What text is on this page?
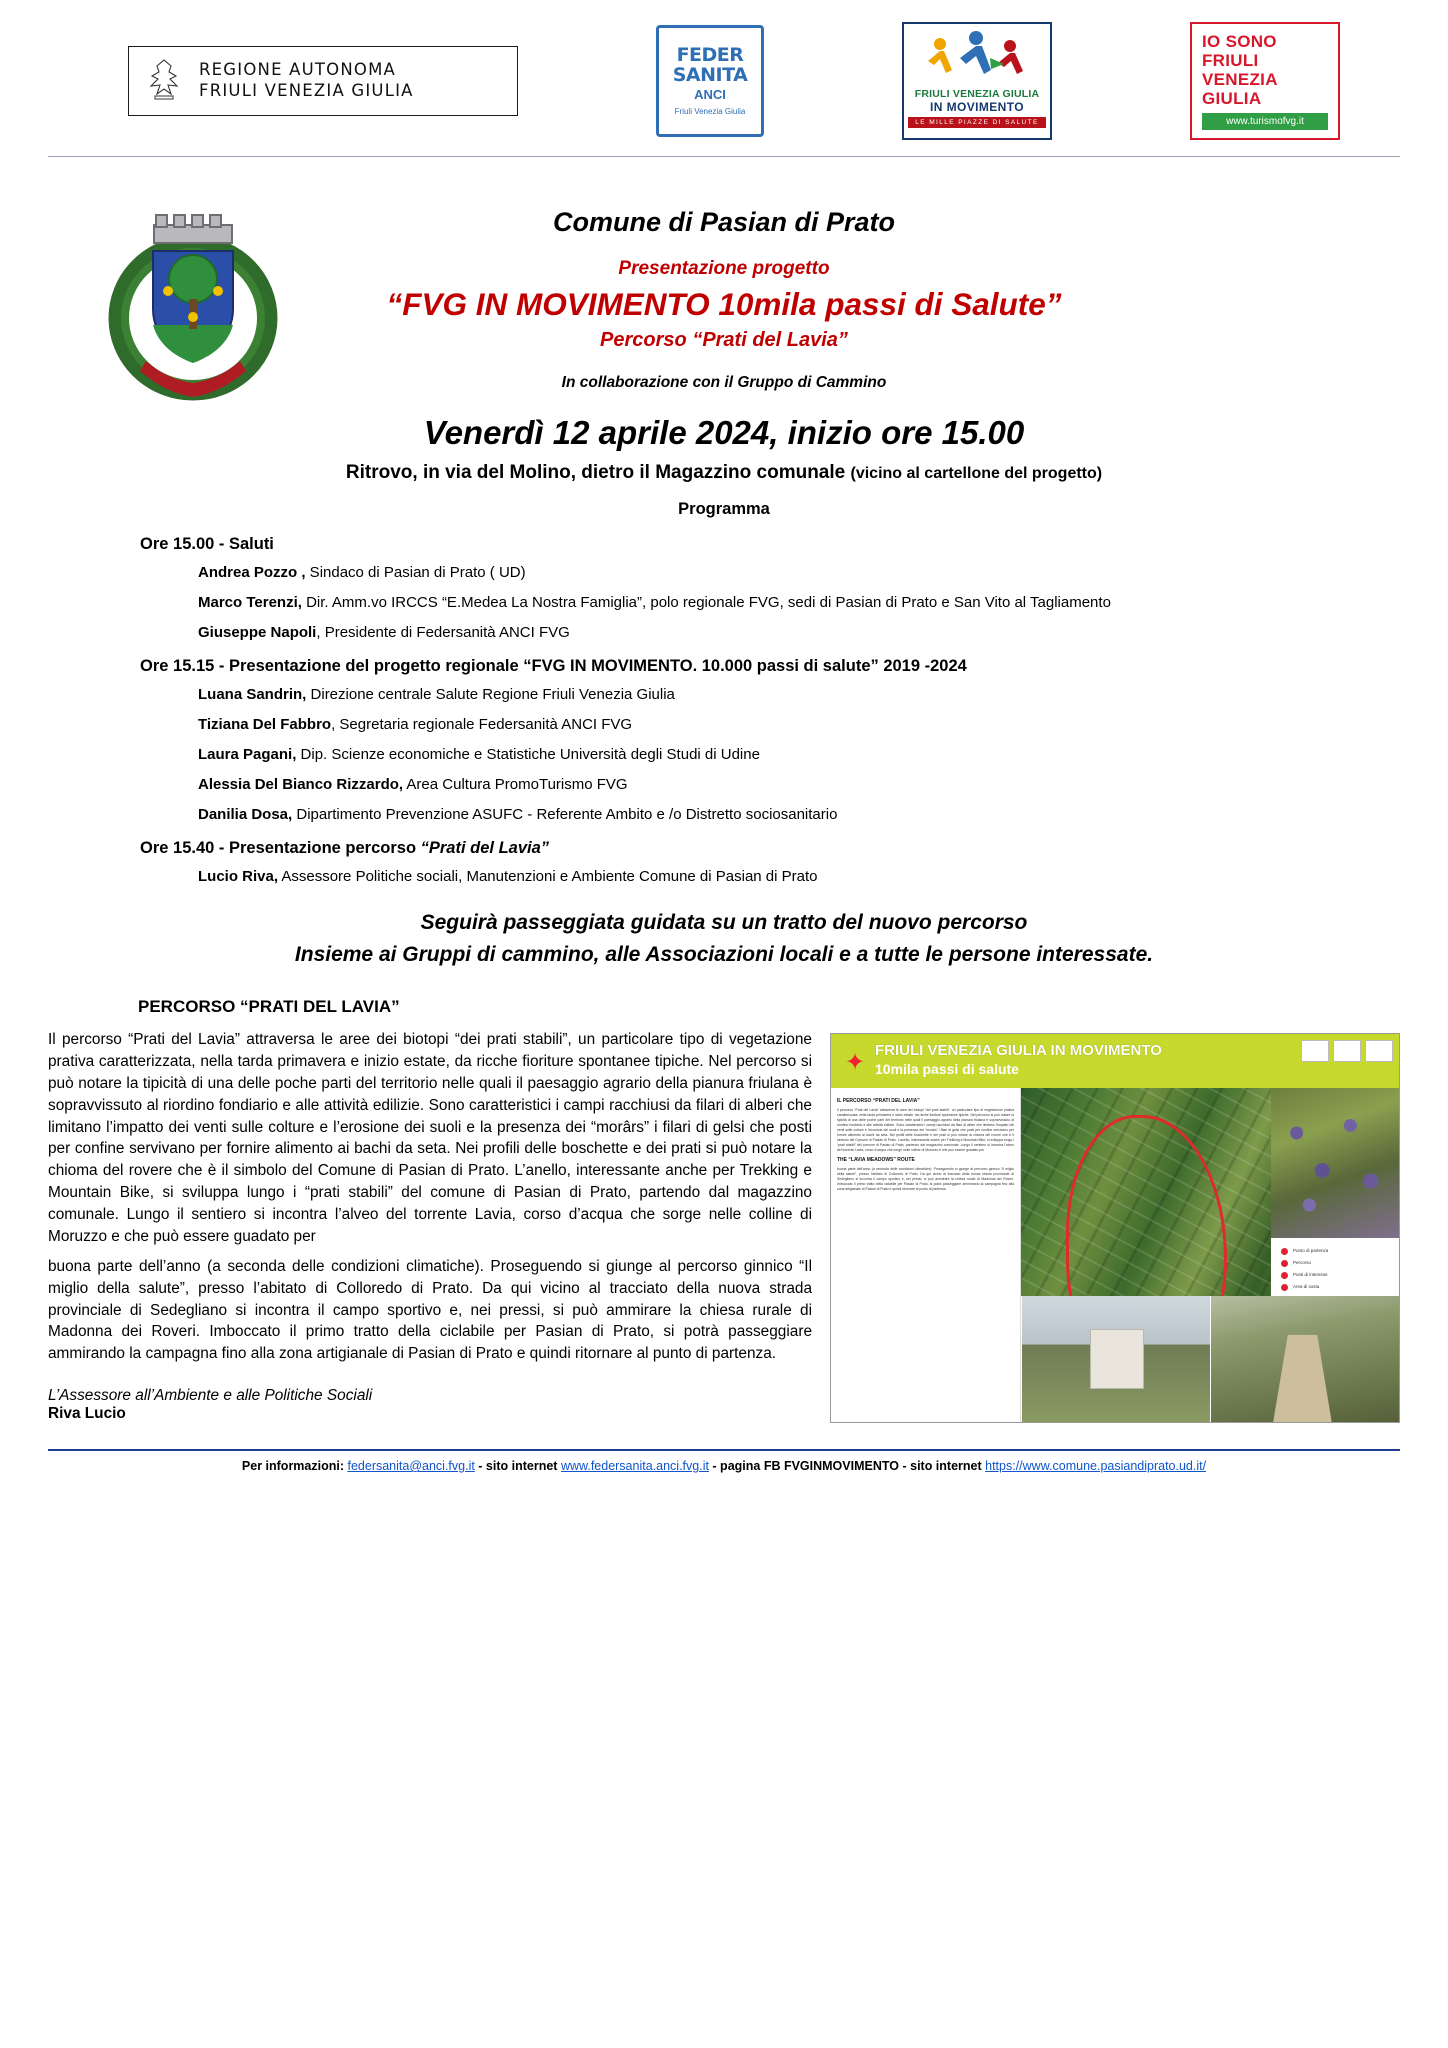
REGIONE AUTONOMA
FRIULI VENEZIA GIULIA
FEDER
SANITA
ANCI
Friuli Venezia Giulia
FRIULI VENEZIA GIULIA
IN MOVIMENTO
LE MILLE PIAZZE DI SALUTE
IO SONO
FRIULI
VENEZIA
GIULIA
www.turismofvg.it
Comune di Pasian di Prato
Presentazione progetto
“FVG IN MOVIMENTO 10mila passi di Salute”
Percorso “Prati del Lavia”
In collaborazione con il Gruppo di Cammino
Venerdì 12 aprile 2024, inizio ore 15.00
Ritrovo, in via del Molino, dietro il Magazzino comunale (vicino al cartellone del progetto)
Programma
Ore 15.00 - Saluti
Andrea Pozzo , Sindaco di Pasian di Prato ( UD)
Marco Terenzi, Dir. Amm.vo IRCCS “E.Medea La Nostra Famiglia”, polo regionale FVG, sedi di Pasian di Prato e San Vito al Tagliamento
Giuseppe Napoli, Presidente di Federsanità ANCI FVG
Ore 15.15 - Presentazione del progetto regionale “FVG IN MOVIMENTO. 10.000 passi di salute” 2019 -2024
Luana Sandrin, Direzione centrale Salute Regione Friuli Venezia Giulia
Tiziana Del Fabbro, Segretaria regionale Federsanità ANCI FVG
Laura Pagani, Dip. Scienze economiche e Statistiche Università degli Studi di Udine
Alessia Del Bianco Rizzardo, Area Cultura PromoTurismo FVG
Danilia Dosa, Dipartimento Prevenzione ASUFC - Referente Ambito e /o Distretto sociosanitario
Ore 15.40 - Presentazione percorso “Prati del Lavia”
Lucio Riva, Assessore Politiche sociali, Manutenzioni e Ambiente Comune di Pasian di Prato
Seguirà passeggiata guidata su un tratto del nuovo percorso
Insieme ai Gruppi di cammino, alle Associazioni locali e a tutte le persone interessate.
PERCORSO “PRATI DEL LAVIA”
✦ FRIULI VENEZIA GIULIA IN MOVIMENTO
10mila passi di salute
IL PERCORSO “PRATI DEL LAVIA”
Il percorso “Prati del Lavia” attraversa le aree dei biotopi “dei prati stabili”, un particolare tipo di vegetazione prativa caratterizzata, nella tarda primavera e inizio estate, da ricche fioriture spontanee tipiche. Nel percorso si può notare la tipicità di una delle poche parti del territorio nelle quali il paesaggio agrario della pianura friulana è sopravvissuto al riordino fondiario e alle attività edilizie. Sono caratteristici i campi racchiusi da filari di alberi che limitano l’impatto dei venti sulle colture e l’erosione dei suoli e la presenza dei “morârs” i filari di gelsi che posti per confine servivano per fornire alimento ai bachi da seta. Nei profili delle boschette e dei prati si può notare la chioma del rovere che è il simbolo del Comune di Pasian di Prato. L’anello, interessante anche per Trekking e Mountain Bike, si sviluppa lungo i “prati stabili” del comune di Pasian di Prato, partendo dal magazzino comunale. Lungo il sentiero si incontra l’alveo del torrente Lavia, corso d’acqua che sorge nelle colline di Moruzzo e che può essere guadato per
THE “LAVIA MEADOWS” ROUTE
buona parte dell’anno (a seconda delle condizioni climatiche). Proseguendo si giunge al percorso ginnico “Il miglio della salute”, presso l’abitato di Colloredo di Prato. Da qui vicino al tracciato della nuova strada provinciale di Sedegliano si incontra il campo sportivo e, nei pressi, si può ammirare la chiesa rurale di Madonna dei Roveri. Imboccato il primo tratto della ciclabile per Pasian di Prato, si potrà passeggiare ammirando la campagna fino alla zona artigianale di Pasian di Prato e quindi ritornare al punto di partenza.
Punto di partenza
Percorso
Punti di interesse
Area di sosta
Il percorso “Prati del Lavia” attraversa le aree dei biotopi “dei prati stabili”, un particolare tipo di vegetazione prativa caratterizzata, nella tarda primavera e inizio estate, da ricche fioriture spontanee tipiche. Nel percorso si può notare la tipicità di una delle poche parti del territorio nelle quali il paesaggio agrario della pianura friulana è sopravvissuto al riordino fondiario e alle attività edilizie. Sono caratteristici i campi racchiusi da filari di alberi che limitano l’impatto dei venti sulle colture e l’erosione dei suoli e la presenza dei “morârs” i filari di gelsi che posti per confine servivano per fornire alimento ai bachi da seta. Nei profili delle boschette e dei prati si può notare la chioma del rovere che è il simbolo del Comune di Pasian di Prato. L’anello, interessante anche per Trekking e Mountain Bike, si sviluppa lungo i “prati stabili” del comune di Pasian di Prato, partendo dal magazzino comunale. Lungo il sentiero si incontra l’alveo del torrente Lavia, corso d’acqua che sorge nelle colline di Moruzzo e che può essere guadato per
buona parte dell’anno (a seconda delle condizioni climatiche). Proseguendo si giunge al percorso ginnico “Il miglio della salute”, presso l’abitato di Colloredo di Prato. Da qui vicino al tracciato della nuova strada provinciale di Sedegliano si incontra il campo sportivo e, nei pressi, si può ammirare la chiesa rurale di Madonna dei Roveri. Imboccato il primo tratto della ciclabile per Pasian di Prato, si potrà passeggiare ammirando la campagna fino alla zona artigianale di Pasian di Prato e quindi ritornare al punto di partenza.
L’Assessore all’Ambiente e alle Politiche Sociali
Riva Lucio
Per informazioni: federsanita@anci.fvg.it - sito internet www.federsanita.anci.fvg.it - pagina FB FVGINMOVIMENTO - sito internet https://www.comune.pasiandiprato.ud.it/
